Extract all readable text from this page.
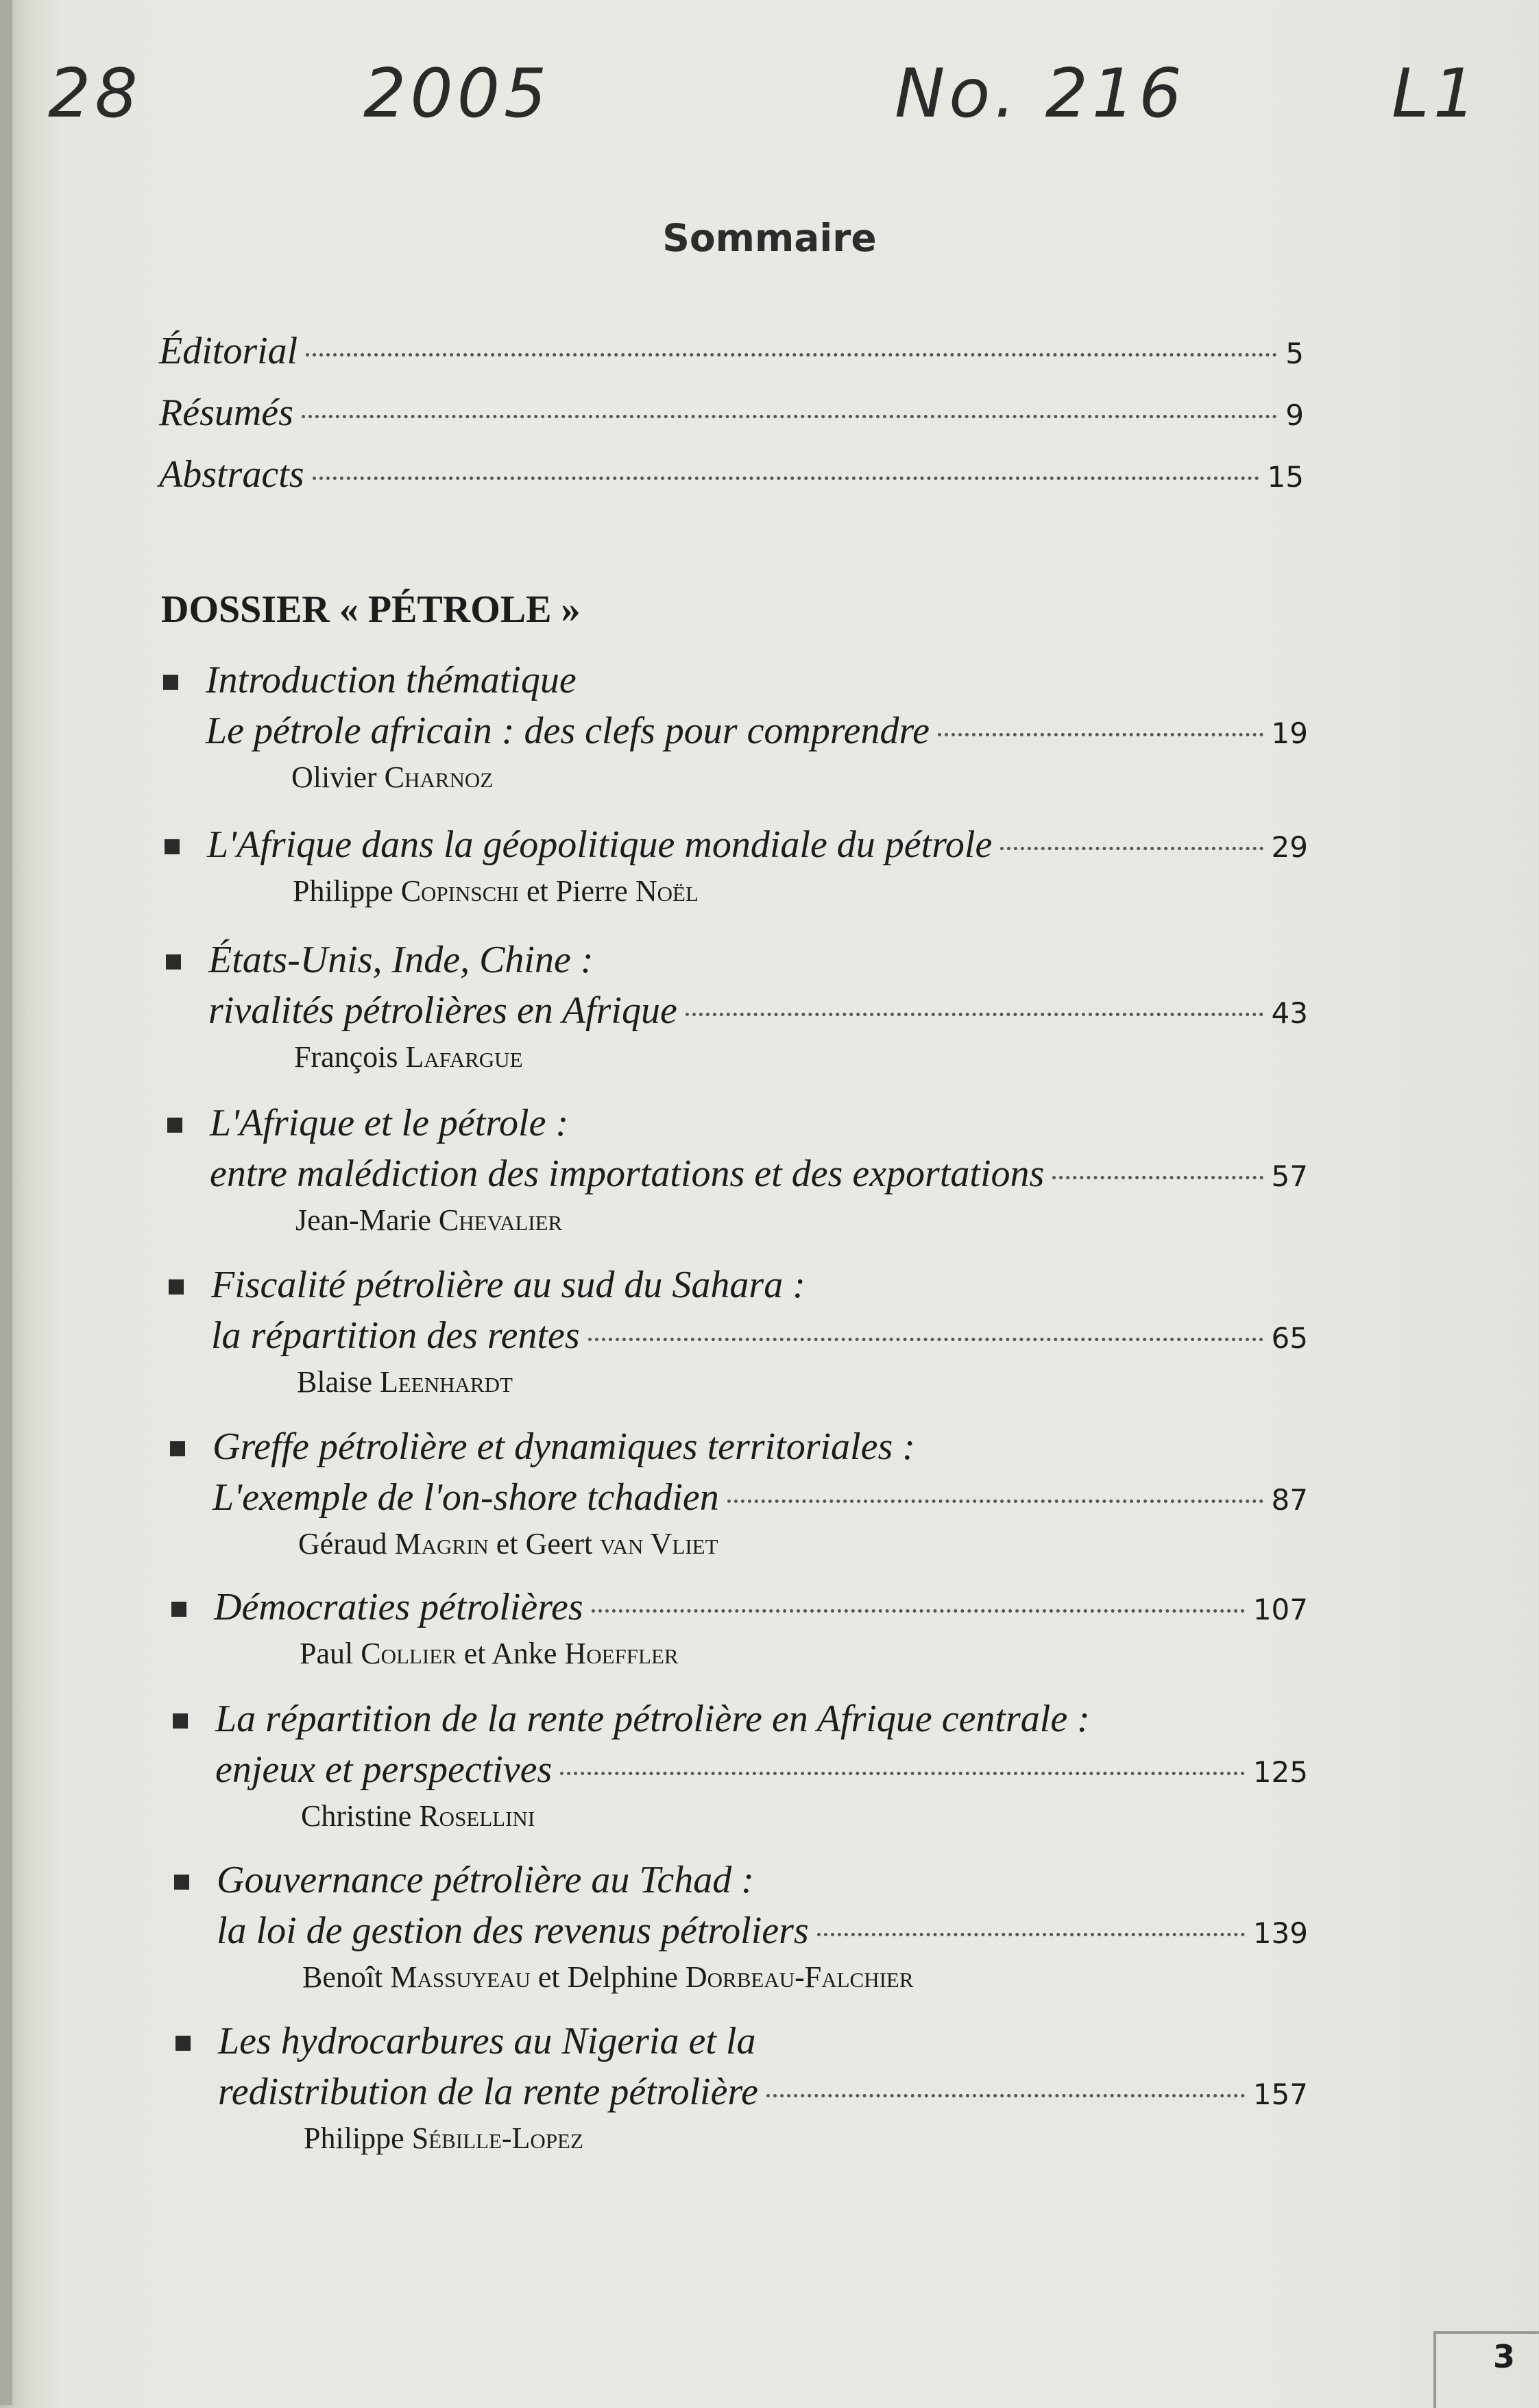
28	2005	No. 216	L1
Sommaire
Éditorial	5
Résumés	9
Abstracts	15
DOSSIER « PÉTROLE »
Introduction thématique
Le pétrole africain : des clefs pour comprendre	19
Olivier Charnoz
L'Afrique dans la géopolitique mondiale du pétrole	29
Philippe Copinschi et Pierre Noël
États-Unis, Inde, Chine :
rivalités pétrolières en Afrique	43
François Lafargue
L'Afrique et le pétrole :
entre malédiction des importations et des exportations	57
Jean-Marie Chevalier
Fiscalité pétrolière au sud du Sahara :
la répartition des rentes	65
Blaise Leenhardt
Greffe pétrolière et dynamiques territoriales :
L'exemple de l'on-shore tchadien	87
Géraud Magrin et Geert van Vliet
Démocraties pétrolières	107
Paul Collier et Anke Hoeffler
La répartition de la rente pétrolière en Afrique centrale :
enjeux et perspectives	125
Christine Rosellini
Gouvernance pétrolière au Tchad :
la loi de gestion des revenus pétroliers	139
Benoît Massuyeau et Delphine Dorbeau-Falchier
Les hydrocarbures au Nigeria et la
redistribution de la rente pétrolière	157
Philippe Sébille-Lopez
3
